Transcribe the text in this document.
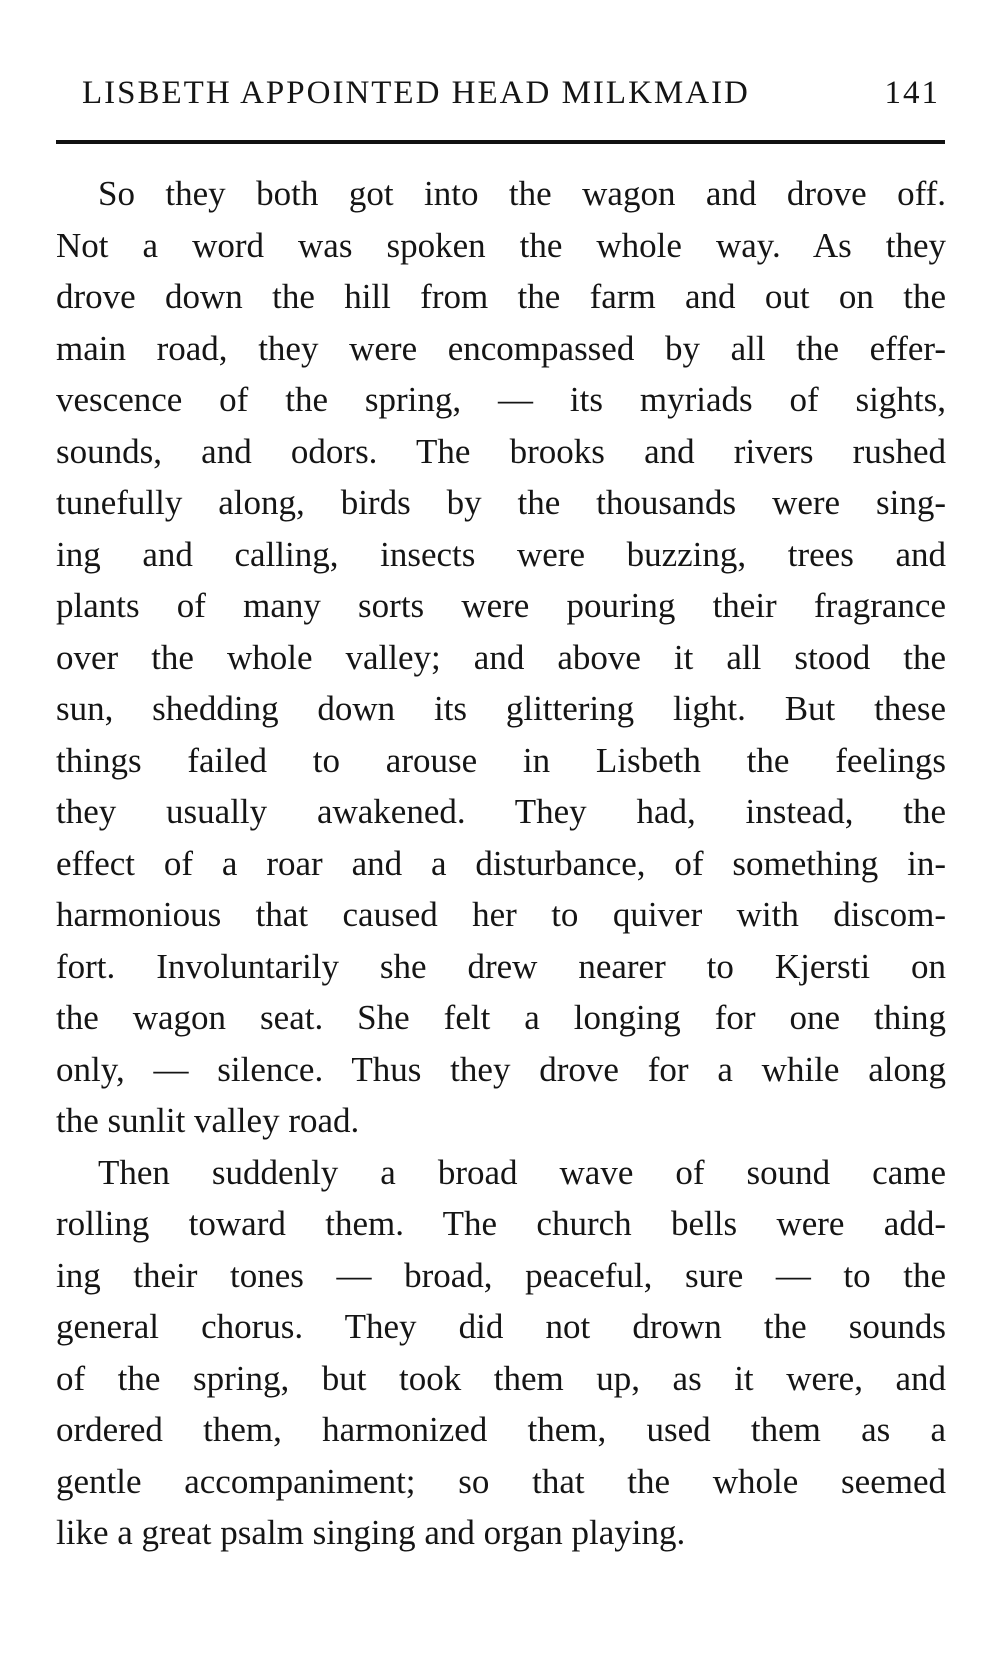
LISBETH APPOINTED HEAD MILKMAID	141
So they both got into the wagon and drove off.
Not a word was spoken the whole way. As they
drove down the hill from the farm and out on the
main road, they were encompassed by all the effer-
vescence of the spring, — its myriads of sights,
sounds, and odors. The brooks and rivers rushed
tunefully along, birds by the thousands were sing-
ing and calling, insects were buzzing, trees and
plants of many sorts were pouring their fragrance
over the whole valley; and above it all stood the
sun, shedding down its glittering light. But these
things failed to arouse in Lisbeth the feelings
they usually awakened. They had, instead, the
effect of a roar and a disturbance, of something in-
harmonious that caused her to quiver with discom-
fort. Involuntarily she drew nearer to Kjersti on
the wagon seat. She felt a longing for one thing
only, — silence. Thus they drove for a while along
the sunlit valley road.
Then suddenly a broad wave of sound came
rolling toward them. The church bells were add-
ing their tones — broad, peaceful, sure — to the
general chorus. They did not drown the sounds
of the spring, but took them up, as it were, and
ordered them, harmonized them, used them as a
gentle accompaniment; so that the whole seemed
like a great psalm singing and organ playing.
